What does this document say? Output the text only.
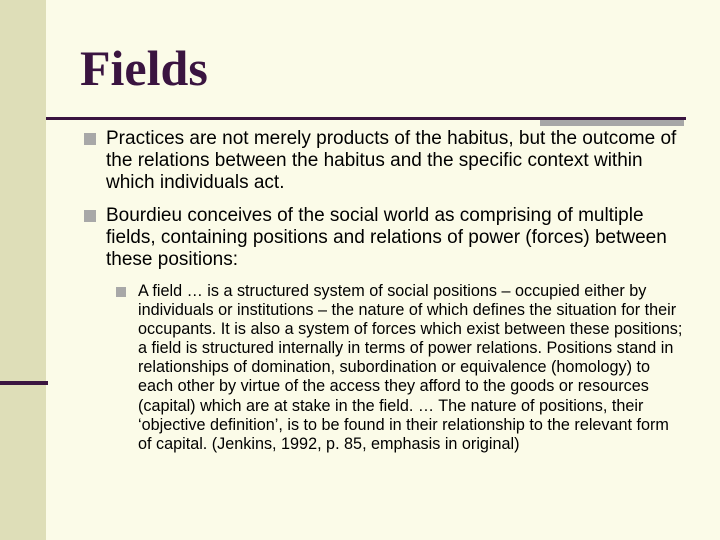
Fields

Practices are not merely products of the habitus, but the outcome of the relations between the habitus and the specific context within which individuals act.

Bourdieu conceives of the social world as comprising of multiple fields, containing positions and relations of power (forces) between these positions:

A field … is a structured system of social positions – occupied either by individuals or institutions – the nature of which defines the situation for their occupants. It is also a system of forces which exist between these positions; a field is structured internally in terms of power relations. Positions stand in relationships of domination, subordination or equivalence (homology) to each other by virtue of the access they afford to the goods or resources (capital) which are at stake in the field. … The nature of positions, their ‘objective definition’, is to be found in their relationship to the relevant form of capital. (Jenkins, 1992, p. 85, emphasis in original)
